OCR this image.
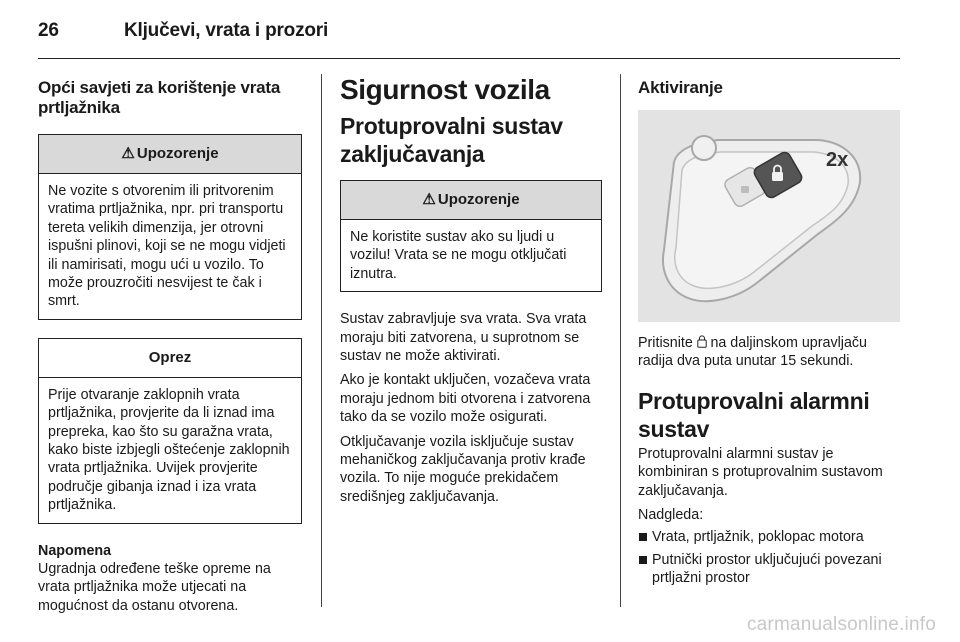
26	Ključevi, vrata i prozori
Opći savjeti za korištenje vrata prtljažnika
⚠ Upozorenje
Ne vozite s otvorenim ili pritvorenim vratima prtljažnika, npr. pri transportu tereta velikih dimenzija, jer otrovni ispušni plinovi, koji se ne mogu vidjeti ili namirisati, mogu ući u vozilo. To može prouzročiti nesvijest te čak i smrt.
Oprez
Prije otvaranje zaklopnih vrata prtljažnika, provjerite da li iznad ima prepreka, kao što su garažna vrata, kako biste izbjegli oštećenje zaklopnih vrata prtljažnika. Uvijek provjerite područje gibanja iznad i iza vrata prtljažnika.

Napomena

Ugradnja određene teške opreme na vrata prtljažnika može utjecati na mogućnost da ostanu otvorena.

Sigurnost vozila
Protuprovalni sustav zaključavanja
⚠ Upozorenje
Ne koristite sustav ako su ljudi u vozilu! Vrata se ne mogu otključati iznutra.

Sustav zabravljuje sva vrata. Sva vrata moraju biti zatvorena, u suprotnom se sustav ne može aktivirati.

Ako je kontakt uključen, vozačeva vrata moraju jednom biti otvorena i zatvorena tako da se vozilo može osigurati.

Otključavanje vozila isključuje sustav mehaničkog zaključavanja protiv krađe vozila. To nije moguće prekidačem središnjeg zaključavanja.

Aktiviranje
2x

Pritisnite na daljinskom upravljaču radija dva puta unutar 15 sekundi.

Protuprovalni alarmni sustav

Protuprovalni alarmni sustav je kombiniran s protuprovalnim sustavom zaključavanja.

Nadgleda:

Vrata, prtljažnik, poklopac motora
Putnički prostor uključujući povezani prtljažni prostor
carmanualsonline.info
